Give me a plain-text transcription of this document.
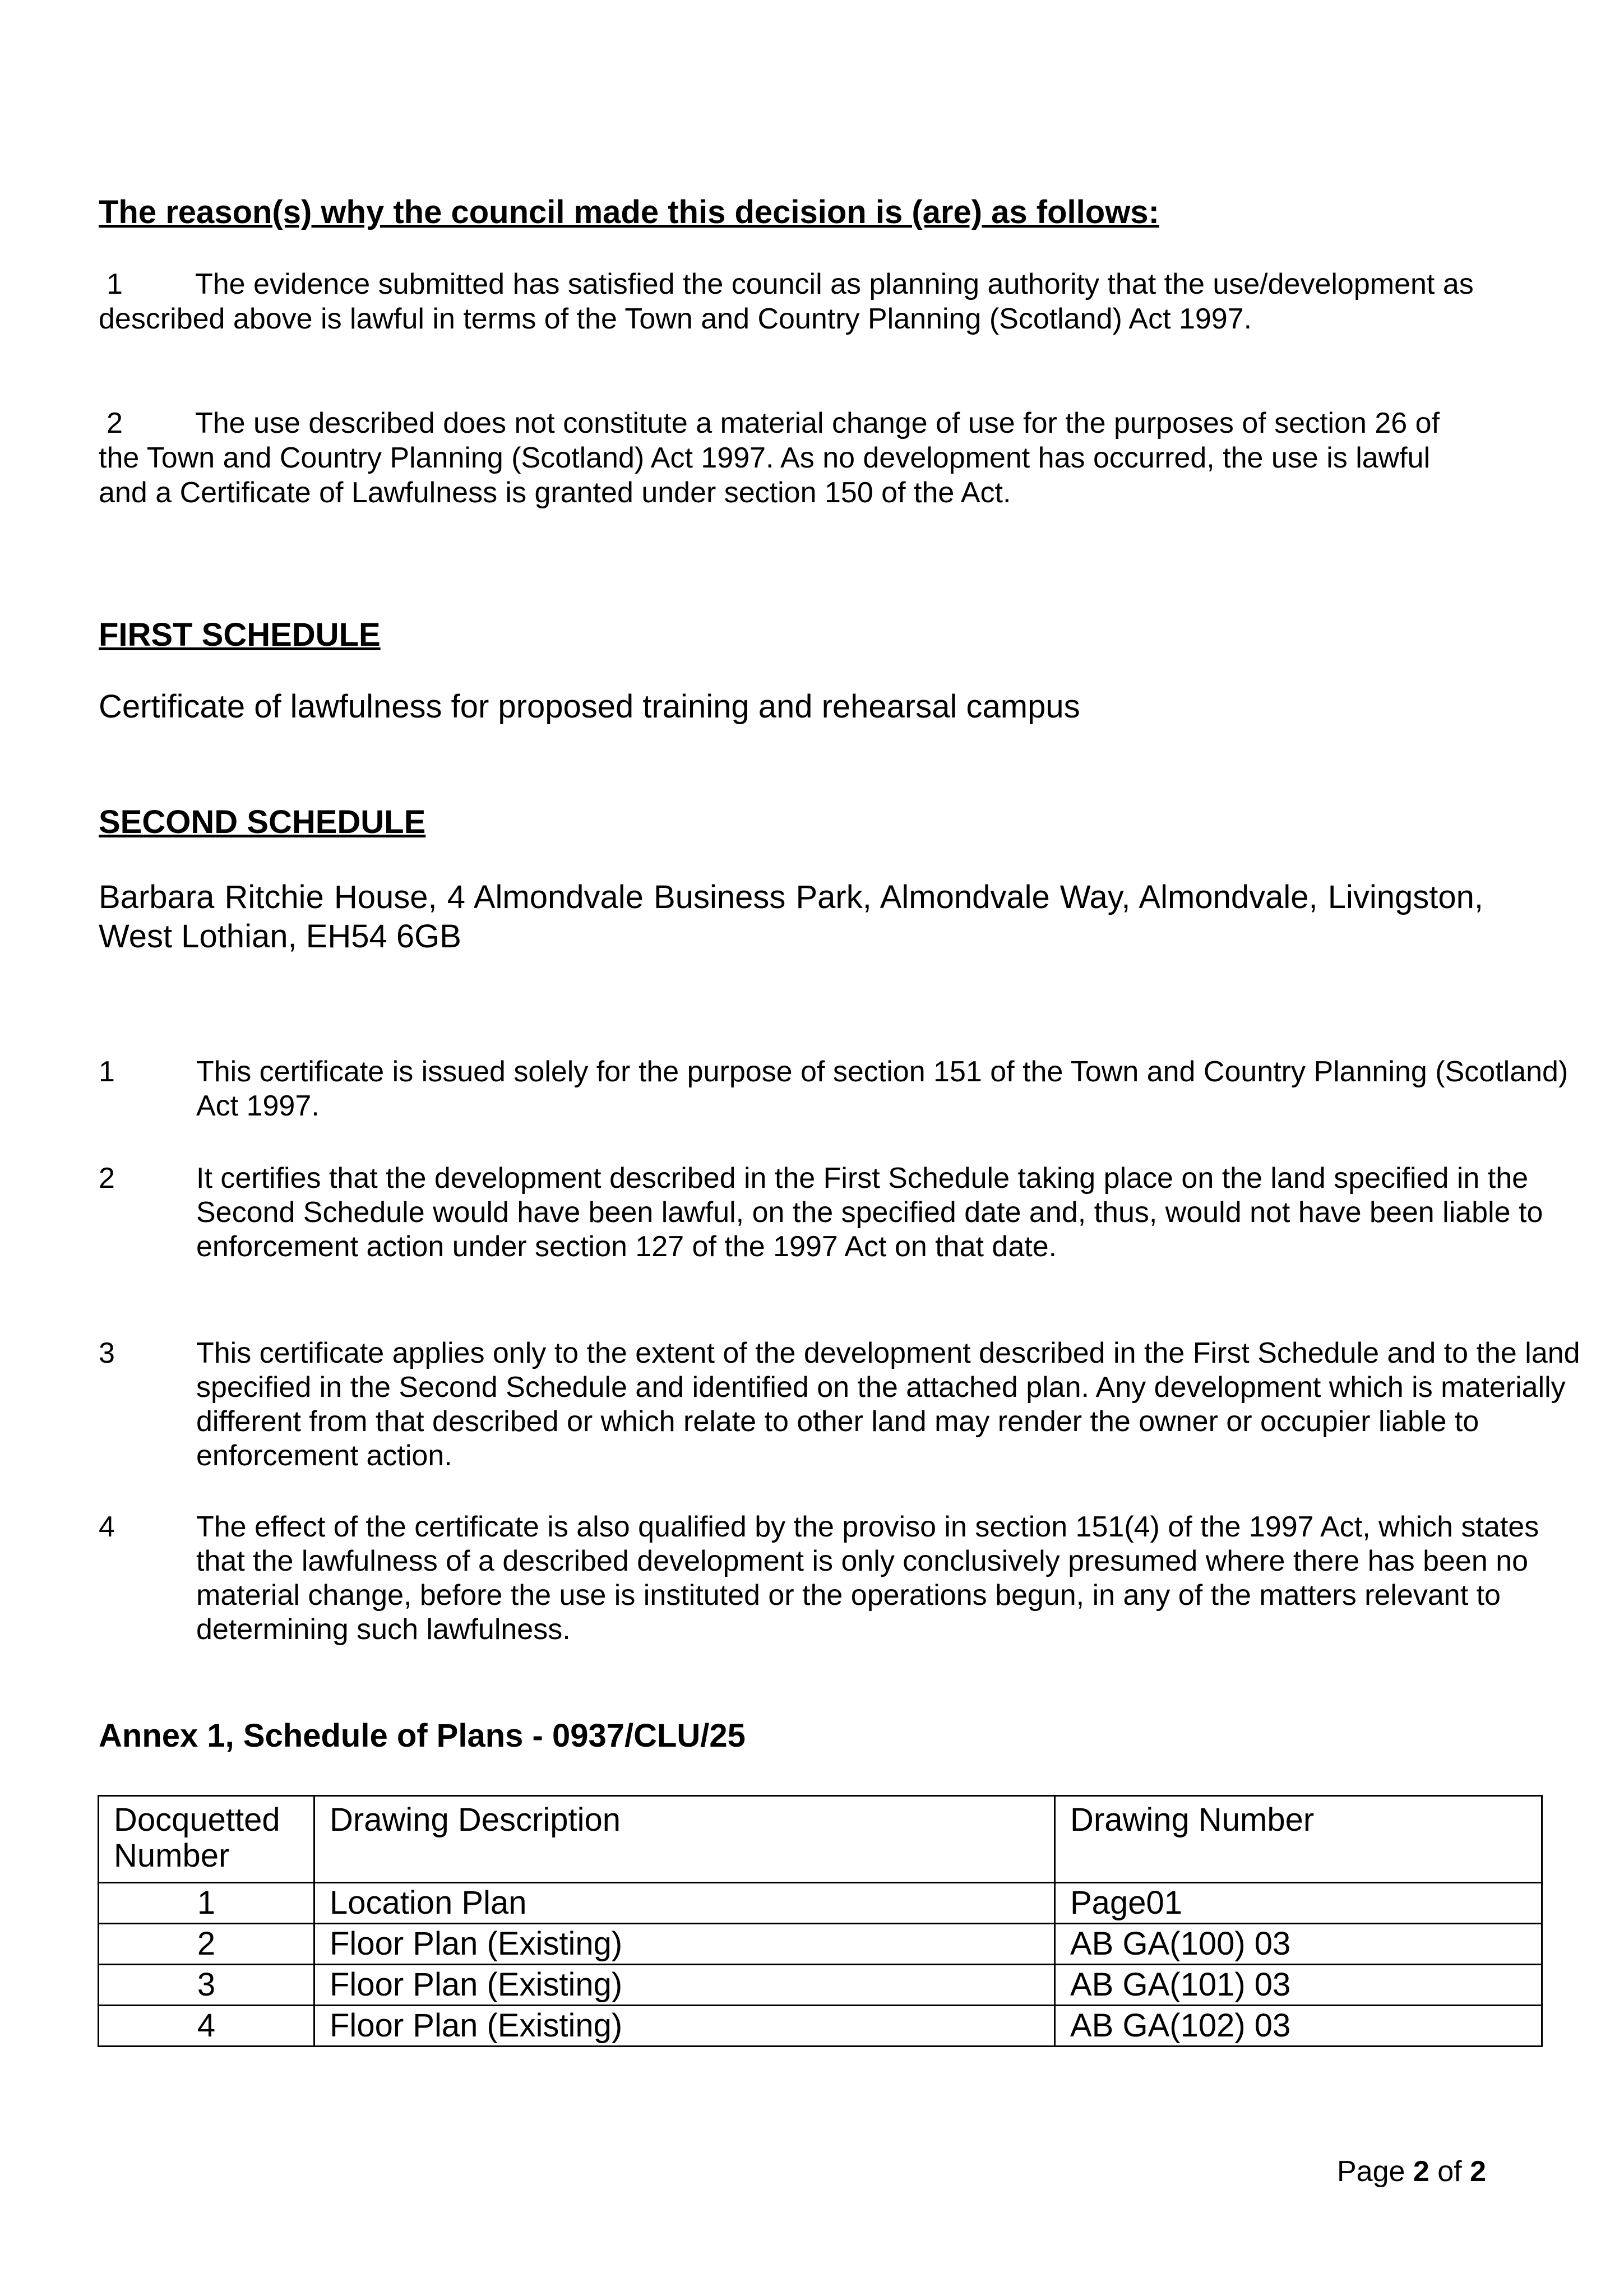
The reason(s) why the council made this decision is (are) as follows:
1 The evidence submitted has satisfied the council as planning authority that the use/development as described above is lawful in terms of the Town and Country Planning (Scotland) Act 1997.
2 The use described does not constitute a material change of use for the purposes of section 26 of the Town and Country Planning (Scotland) Act 1997. As no development has occurred, the use is lawful and a Certificate of Lawfulness is granted under section 150 of the Act.
FIRST SCHEDULE
Certificate of lawfulness for proposed training and rehearsal campus
SECOND SCHEDULE
Barbara Ritchie House, 4 Almondvale Business Park, Almondvale Way, Almondvale, Livingston, West Lothian, EH54 6GB
1	This certificate is issued solely for the purpose of section 151 of the Town and Country Planning (Scotland) Act 1997.
2	It certifies that the development described in the First Schedule taking place on the land specified in the Second Schedule would have been lawful, on the specified date and, thus, would not have been liable to enforcement action under section 127 of the 1997 Act on that date.
3	This certificate applies only to the extent of the development described in the First Schedule and to the land specified in the Second Schedule and identified on the attached plan. Any development which is materially different from that described or which relate to other land may render the owner or occupier liable to enforcement action.
4	The effect of the certificate is also qualified by the proviso in section 151(4) of the 1997 Act, which states that the lawfulness of a described development is only conclusively presumed where there has been no material change, before the use is instituted or the operations begun, in any of the matters relevant to determining such lawfulness.
Annex 1, Schedule of Plans - 0937/CLU/25
Docquetted Number	Drawing Description	Drawing Number
1	Location Plan	Page01
2	Floor Plan (Existing)	AB GA(100) 03
3	Floor Plan (Existing)	AB GA(101) 03
4	Floor Plan (Existing)	AB GA(102) 03
Page 2 of 2
